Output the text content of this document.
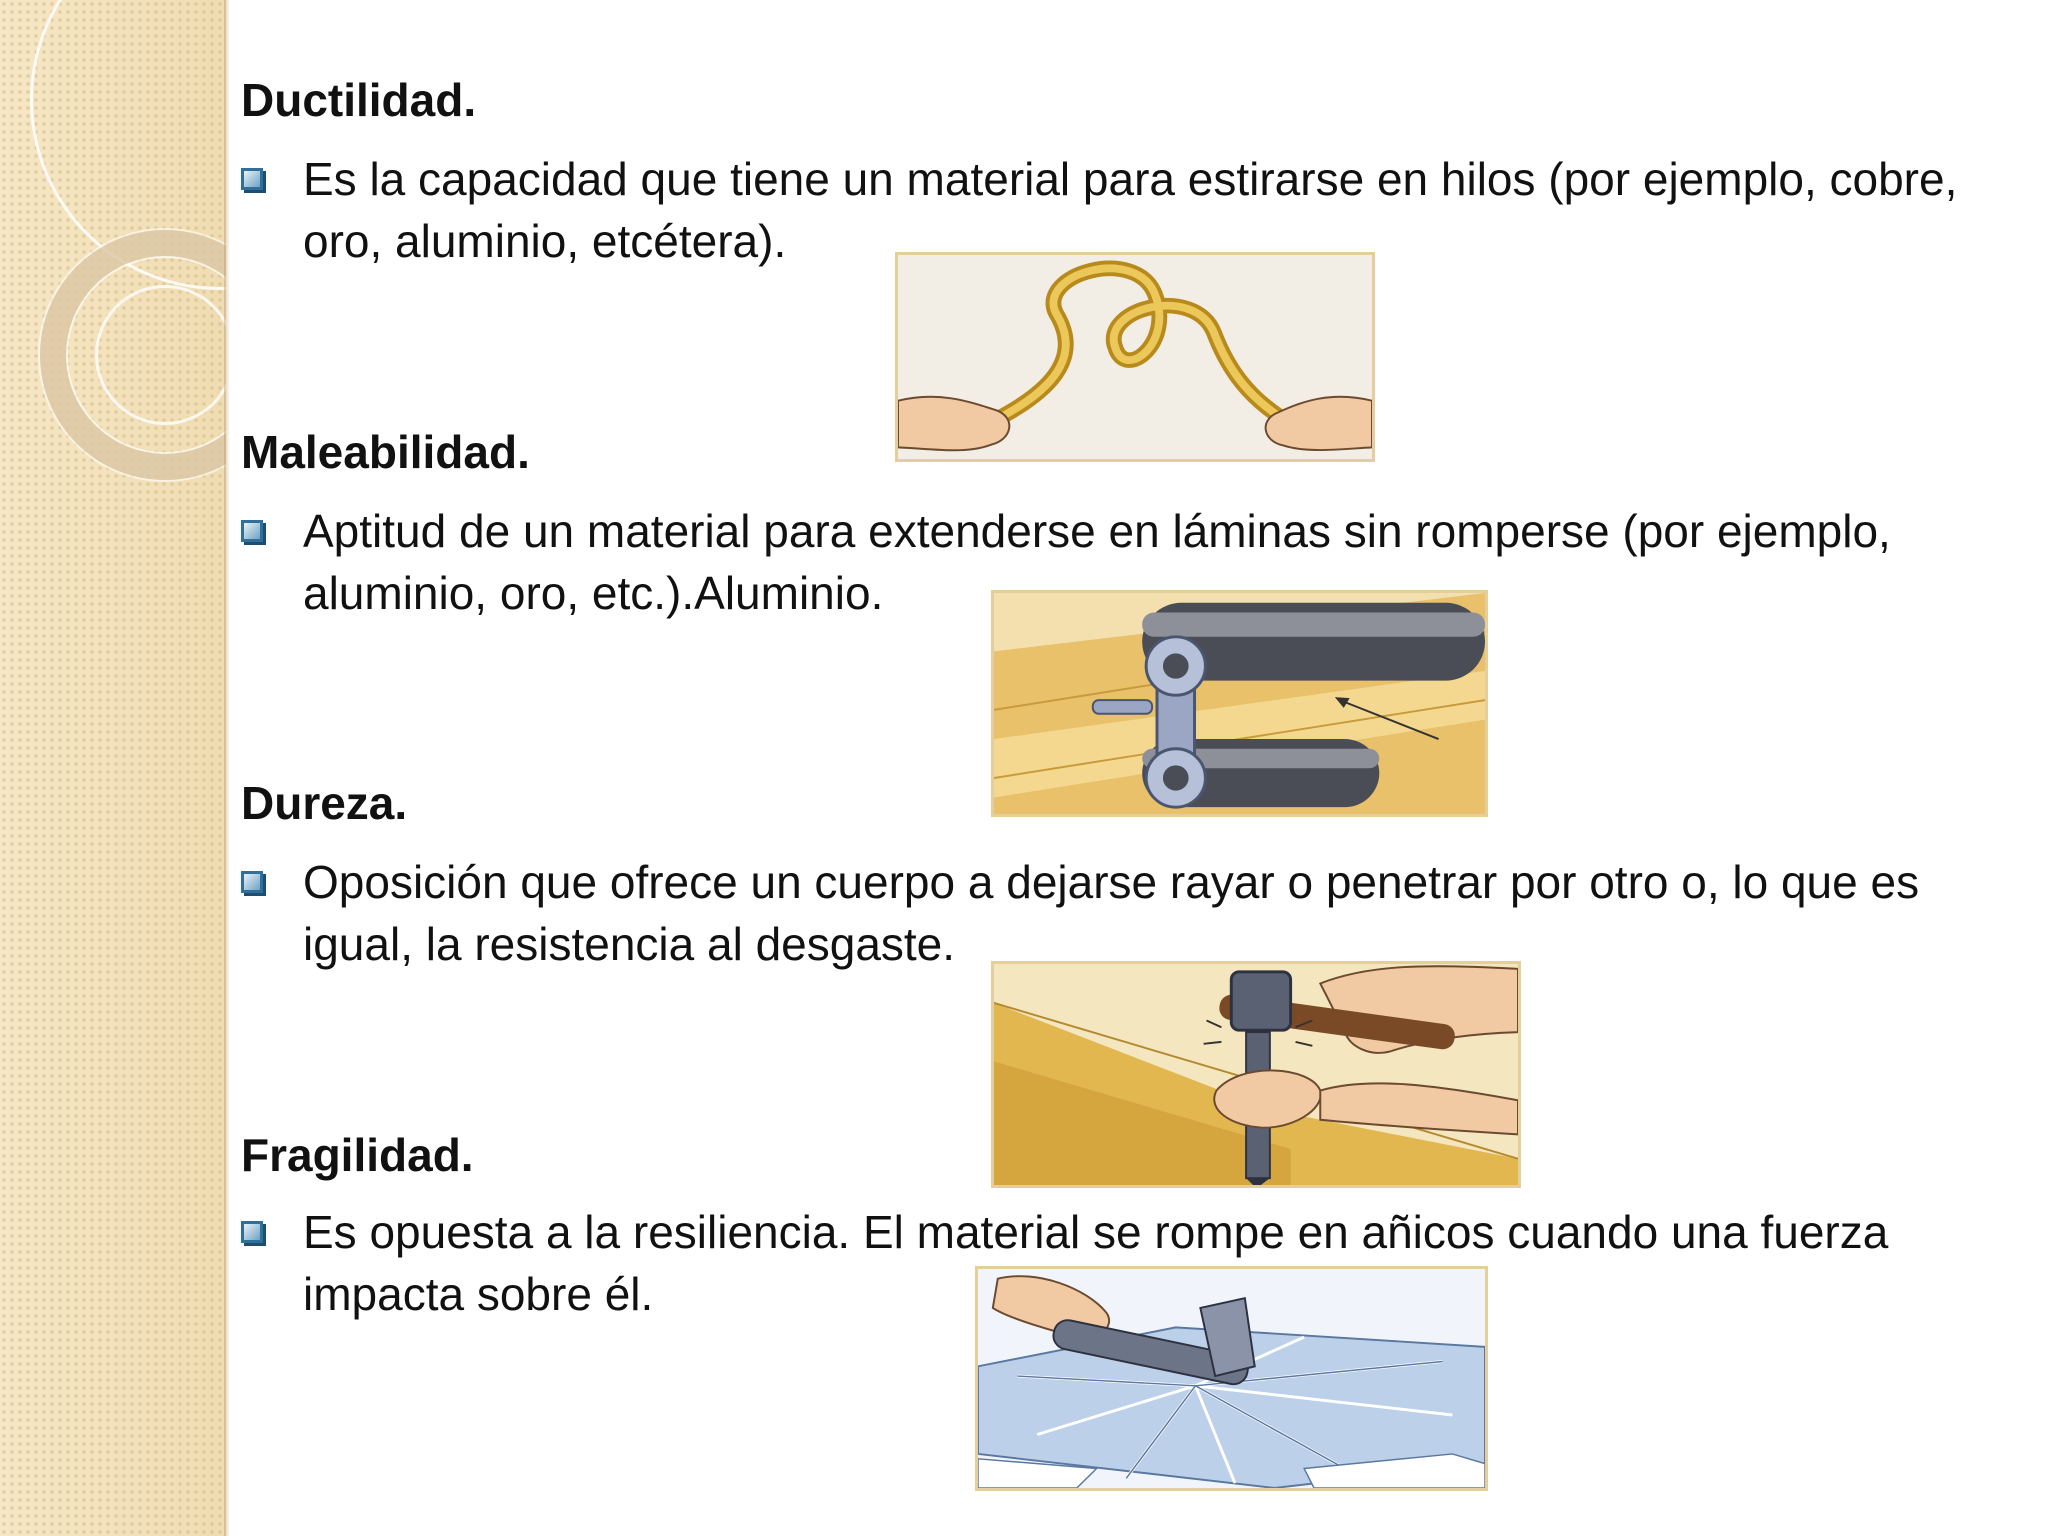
Ductilidad.
Es la capacidad que tiene un material para estirarse en hilos (por ejemplo, cobre, oro, aluminio, etcétera).
Maleabilidad.
Aptitud de un material para extenderse en láminas sin romperse (por ejemplo, aluminio, oro, etc.).Aluminio.
Dureza.
Oposición que ofrece un cuerpo a dejarse rayar o penetrar por otro o, lo que es igual, la resistencia al desgaste.
Fragilidad.
Es opuesta a la resiliencia. El material se rompe en añicos cuando una fuerza impacta sobre él.
